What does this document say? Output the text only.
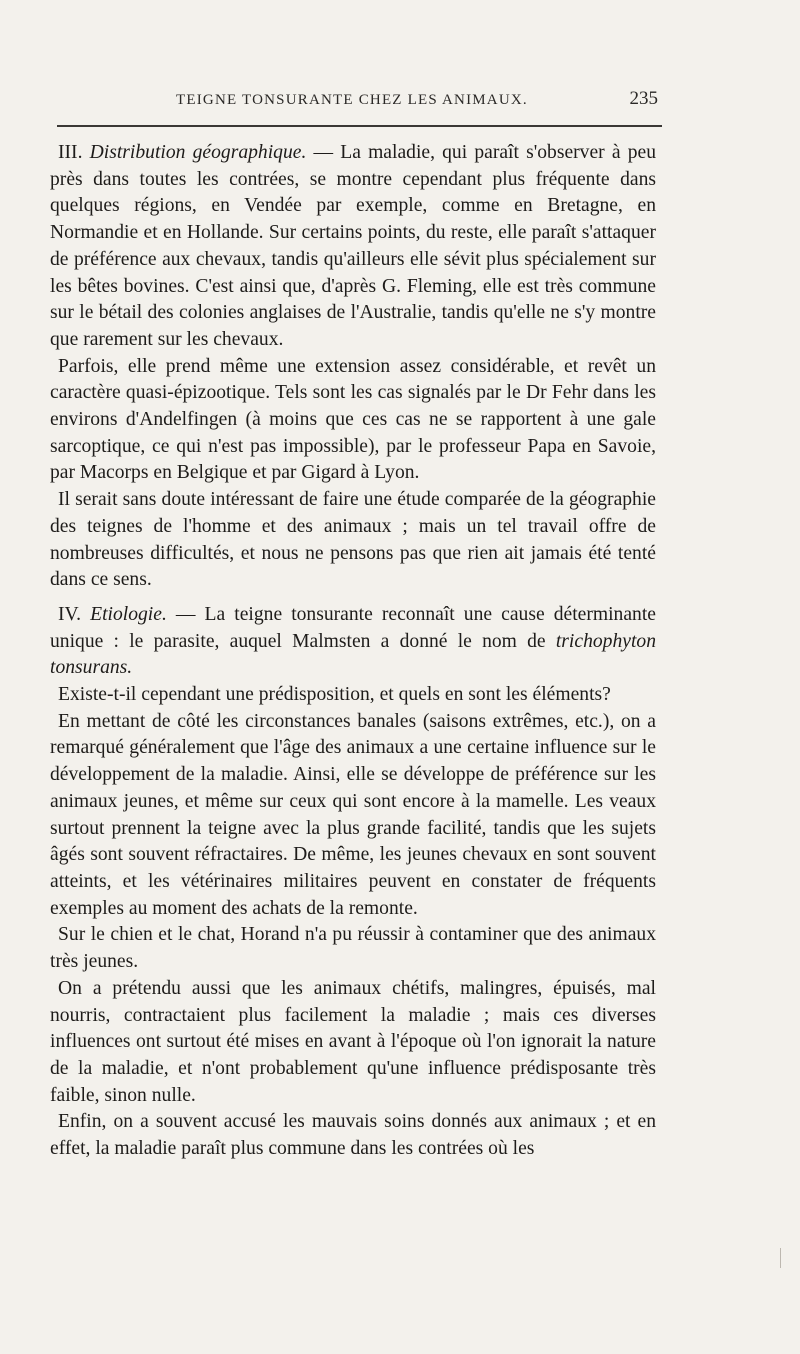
TEIGNE TONSURANTE CHEZ LES ANIMAUX.	235

III. Distribution géographique. — La maladie, qui paraît s'observer à peu près dans toutes les contrées, se montre cependant plus fréquente dans quelques régions, en Vendée par exemple, comme en Bretagne, en Normandie et en Hollande. Sur certains points, du reste, elle paraît s'attaquer de préférence aux chevaux, tandis qu'ailleurs elle sévit plus spécialement sur les bêtes bovines. C'est ainsi que, d'après G. Fleming, elle est très commune sur le bétail des colonies anglaises de l'Australie, tandis qu'elle ne s'y montre que rarement sur les chevaux.

Parfois, elle prend même une extension assez considérable, et revêt un caractère quasi-épizootique. Tels sont les cas signalés par le Dr Fehr dans les environs d'Andelfingen (à moins que ces cas ne se rapportent à une gale sarcoptique, ce qui n'est pas impossible), par le professeur Papa en Savoie, par Macorps en Belgique et par Gigard à Lyon.

Il serait sans doute intéressant de faire une étude comparée de la géographie des teignes de l'homme et des animaux ; mais un tel travail offre de nombreuses difficultés, et nous ne pensons pas que rien ait jamais été tenté dans ce sens.

IV. Etiologie. — La teigne tonsurante reconnaît une cause déterminante unique : le parasite, auquel Malmsten a donné le nom de trichophyton tonsurans.

Existe-t-il cependant une prédisposition, et quels en sont les éléments?

En mettant de côté les circonstances banales (saisons extrêmes, etc.), on a remarqué généralement que l'âge des animaux a une certaine influence sur le développement de la maladie. Ainsi, elle se développe de préférence sur les animaux jeunes, et même sur ceux qui sont encore à la mamelle. Les veaux surtout prennent la teigne avec la plus grande facilité, tandis que les sujets âgés sont souvent réfractaires. De même, les jeunes chevaux en sont souvent atteints, et les vétérinaires militaires peuvent en constater de fréquents exemples au moment des achats de la remonte.

Sur le chien et le chat, Horand n'a pu réussir à contaminer que des animaux très jeunes.

On a prétendu aussi que les animaux chétifs, malingres, épuisés, mal nourris, contractaient plus facilement la maladie ; mais ces diverses influences ont surtout été mises en avant à l'époque où l'on ignorait la nature de la maladie, et n'ont probablement qu'une influence prédisposante très faible, sinon nulle.

Enfin, on a souvent accusé les mauvais soins donnés aux animaux ; et en effet, la maladie paraît plus commune dans les contrées où les
